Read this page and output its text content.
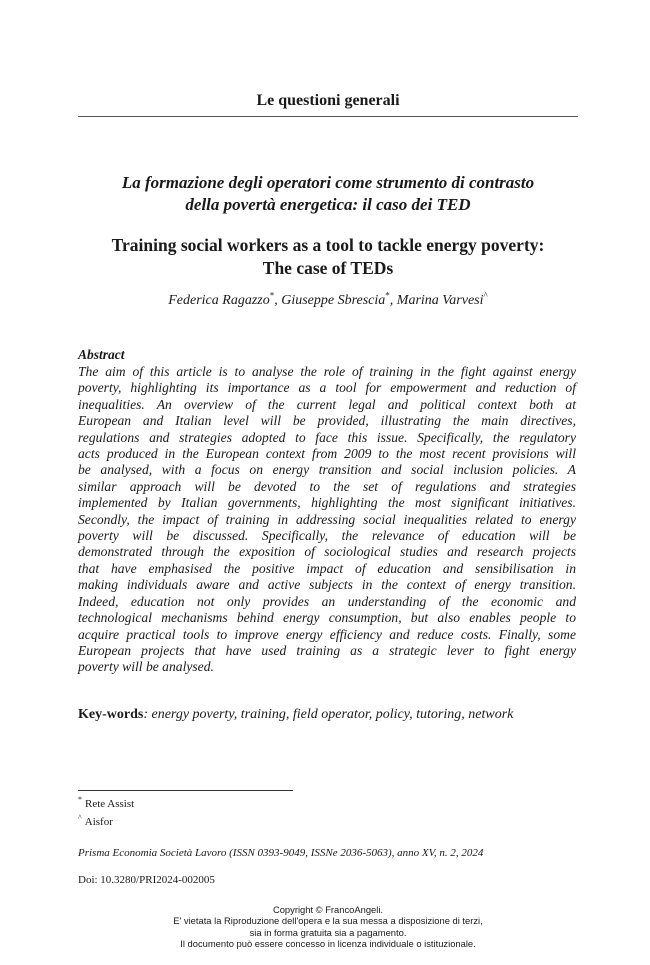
Le questioni generali
La formazione degli operatori come strumento di contrasto
della povertà energetica: il caso dei TED
Training social workers as a tool to tackle energy poverty:
The case of TEDs
Federica Ragazzo*, Giuseppe Sbrescia*, Marina Varvesi^
Abstract
The aim of this article is to analyse the role of training in the fight against energy
poverty, highlighting its importance as a tool for empowerment and reduction of
inequalities. An overview of the current legal and political context both at
European and Italian level will be provided, illustrating the main directives,
regulations and strategies adopted to face this issue. Specifically, the regulatory
acts produced in the European context from 2009 to the most recent provisions will
be analysed, with a focus on energy transition and social inclusion policies. A
similar approach will be devoted to the set of regulations and strategies
implemented by Italian governments, highlighting the most significant initiatives.
Secondly, the impact of training in addressing social inequalities related to energy
poverty will be discussed. Specifically, the relevance of education will be
demonstrated through the exposition of sociological studies and research projects
that have emphasised the positive impact of education and sensibilisation in
making individuals aware and active subjects in the context of energy transition.
Indeed, education not only provides an understanding of the economic and
technological mechanisms behind energy consumption, but also enables people to
acquire practical tools to improve energy efficiency and reduce costs. Finally, some
European projects that have used training as a strategic lever to fight energy
poverty will be analysed.
Key-words: energy poverty, training, field operator, policy, tutoring, network
* Rete Assist
^ Aisfor
Prisma Economia Società Lavoro (ISSN 0393-9049, ISSNe 2036-5063), anno XV, n. 2, 2024
Doi: 10.3280/PRI2024-002005
Copyright © FrancoAngeli.
E' vietata la Riproduzione dell'opera e la sua messa a disposizione di terzi,
sia in forma gratuita sia a pagamento.
Il documento può essere concesso in licenza individuale o istituzionale.
